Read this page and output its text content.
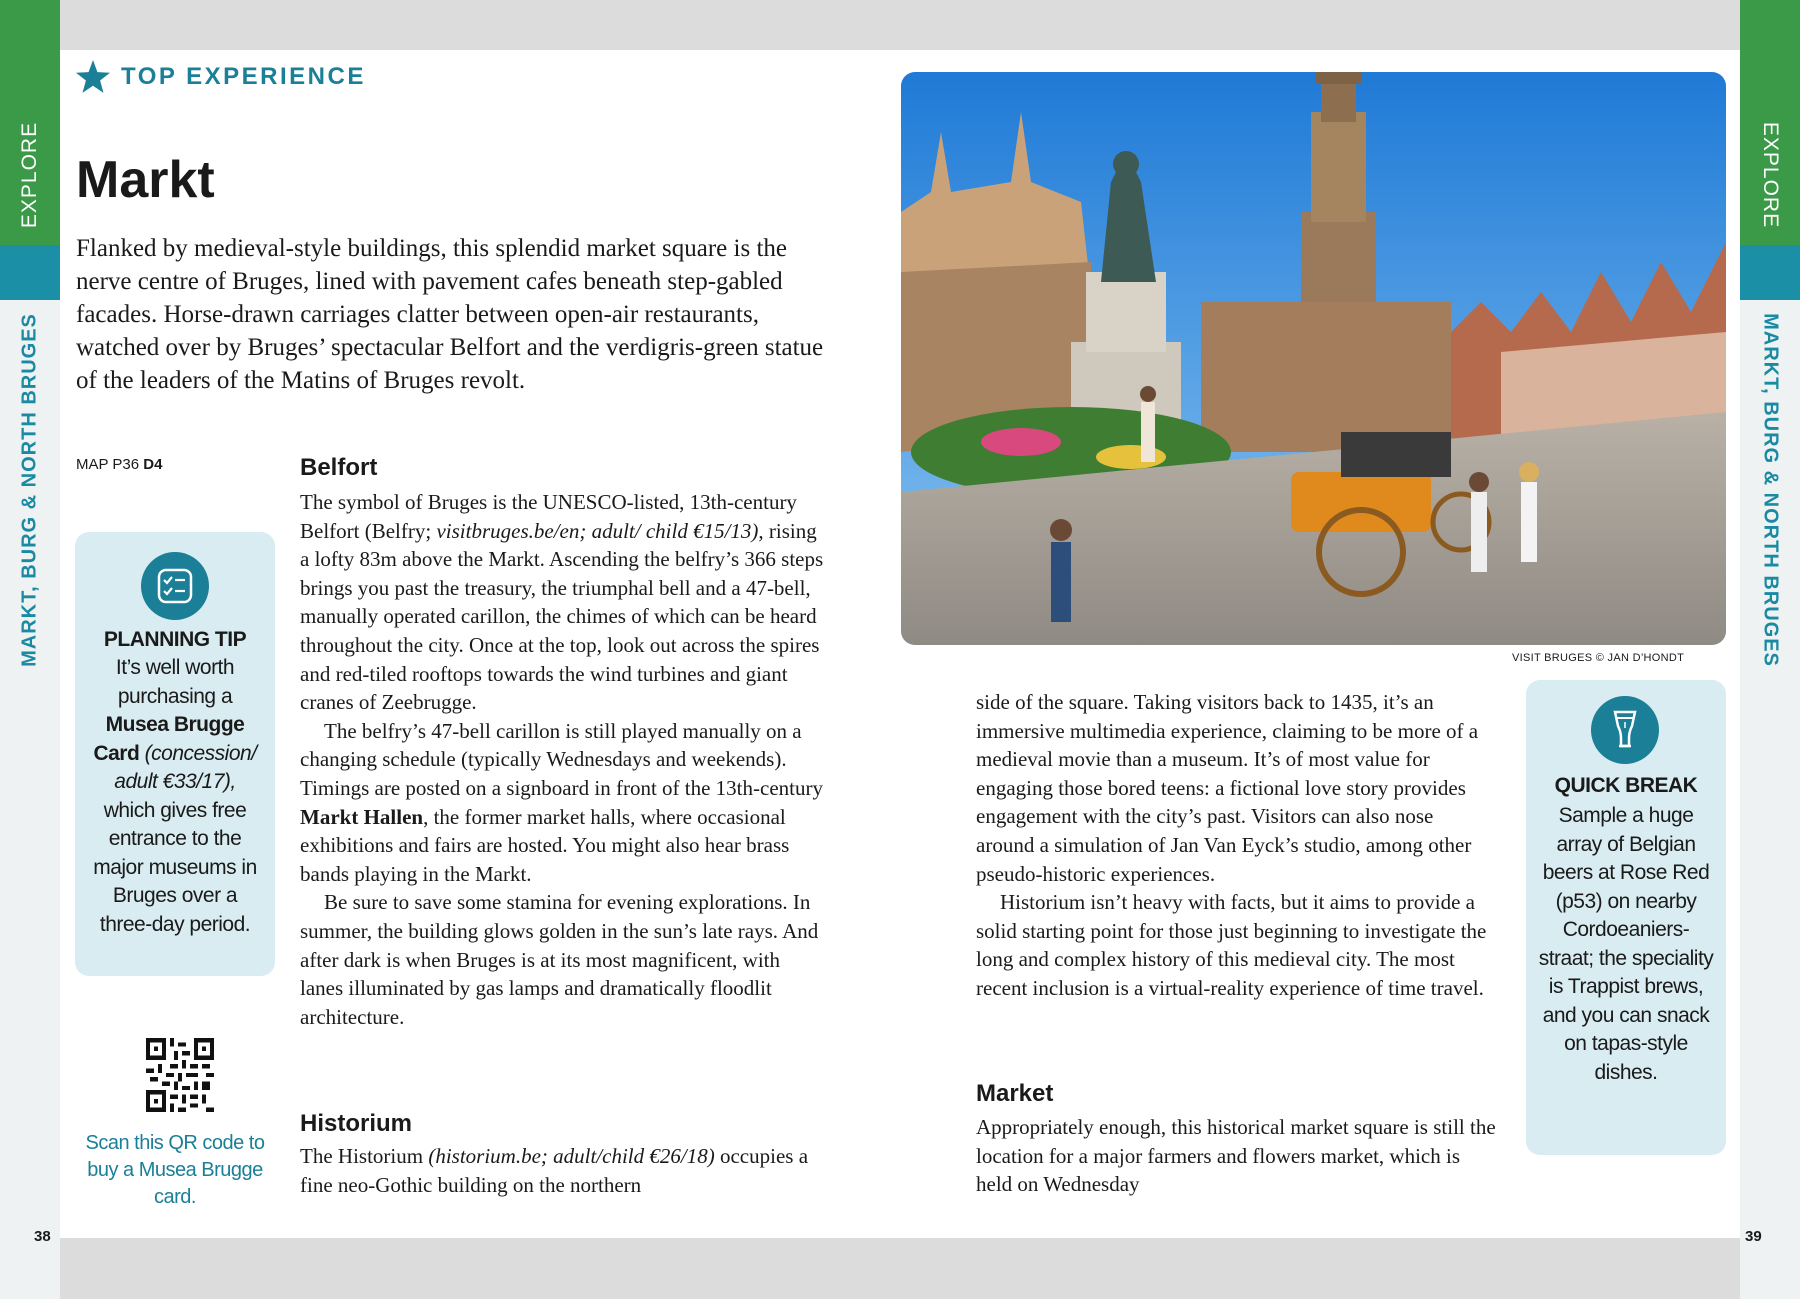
EXPLORE
MARKT, BURG & NORTH BRUGES
EXPLORE
MARKT, BURG & NORTH BRUGES
TOP EXPERIENCE
Markt

Flanked by medieval-style buildings, this splendid market square is the nerve centre of Bruges, lined with pavement cafes beneath step-gabled facades. Horse-drawn carriages clatter between open-air restaurants, watched over by Bruges’ spectacular Belfort and the verdigris-green statue of the leaders of the Matins of Bruges revolt.

MAP P36 D4
PLANNING TIP
It’s well worth purchasing a Musea Brugge Card (concession/ adult €33/17), which gives free entrance to the major museums in Bruges over a three-day period.
Scan this QR code to buy a Musea Brugge card.
Belfort

The symbol of Bruges is the UNESCO-listed, 13th-century Belfort (Belfry; visitbruges.be/en; adult/ child €15/13), rising a lofty 83m above the Markt. Ascending the belfry’s 366 steps brings you past the treasury, the triumphal bell and a 47-bell, manually operated carillon, the chimes of which can be heard throughout the city. Once at the top, look out across the spires and red-tiled rooftops towards the wind turbines and giant cranes of Zeebrugge.

The belfry’s 47-bell carillon is still played manually on a changing schedule (typically Wednesdays and weekends). Timings are posted on a signboard in front of the 13th-century Markt Hallen, the former market halls, where occasional exhibitions and fairs are hosted. You might also hear brass bands playing in the Markt.

Be sure to save some stamina for evening explorations. In summer, the building glows golden in the sun’s late rays. And after dark is when Bruges is at its most magnificent, with lanes illuminated by gas lamps and dramatically floodlit architecture.

Historium

The Historium (historium.be; adult/child €26/18) occupies a fine neo-Gothic building on the northern

38
VISIT BRUGES © JAN D’HONDT

side of the square. Taking visitors back to 1435, it’s an immersive multimedia experience, claiming to be more of a medieval movie than a museum. It’s of most value for engaging those bored teens: a fictional love story provides engagement with the city’s past. Visitors can also nose around a simulation of Jan Van Eyck’s studio, among other pseudo-historic experiences.

Historium isn’t heavy with facts, but it aims to provide a solid starting point for those just beginning to investigate the long and complex history of this medieval city. The most recent inclusion is a virtual-reality experience of time travel.

Market

Appropriately enough, this historical market square is still the location for a major farmers and flowers market, which is held on Wednesday

QUICK BREAK
Sample a huge array of Belgian beers at Rose Red (p53) on nearby Cordoeaniers-straat; the speciality is Trappist brews, and you can snack on tapas-style dishes.
39
